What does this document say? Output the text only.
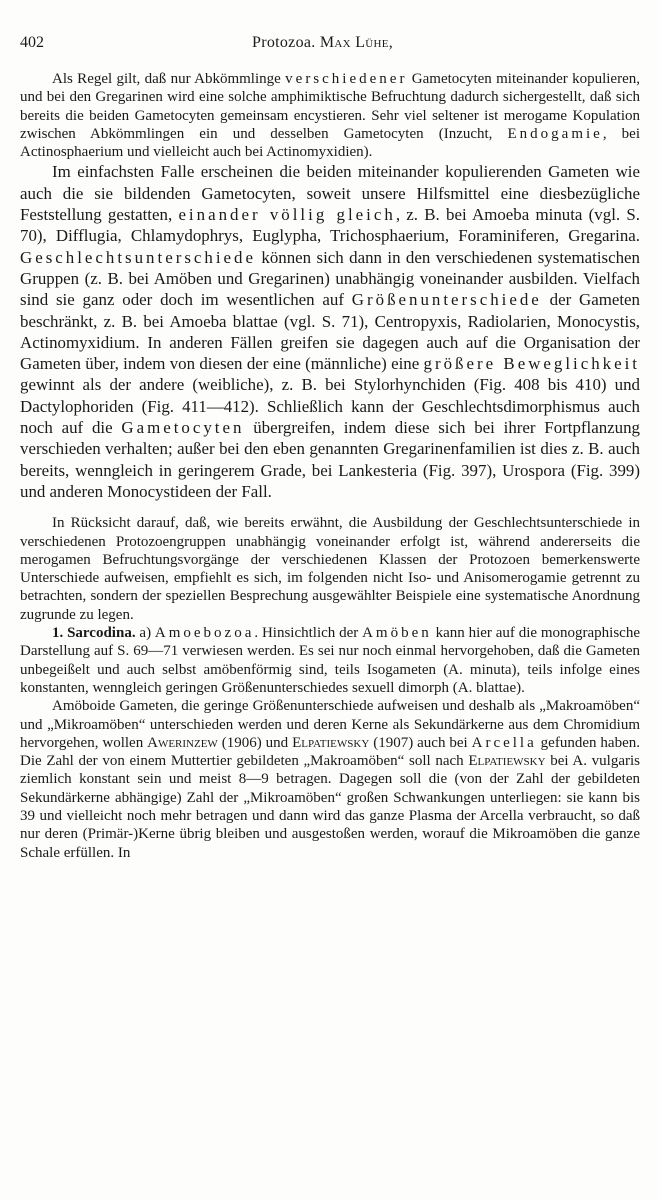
402	Protozoa. Max Lühe,

Als Regel gilt, daß nur Abkömmlinge verschiedener Gametocyten miteinander kopulieren, und bei den Gregarinen wird eine solche amphimiktische Befruchtung dadurch sichergestellt, daß sich bereits die beiden Gametocyten gemeinsam encystieren. Sehr viel seltener ist merogame Kopulation zwischen Abkömmlingen ein und desselben Gametocyten (Inzucht, Endogamie, bei Actinosphaerium und vielleicht auch bei Actinomyxidien).

Im einfachsten Falle erscheinen die beiden miteinander kopulierenden Gameten wie auch die sie bildenden Gametocyten, soweit unsere Hilfsmittel eine diesbezügliche Feststellung gestatten, einander völlig gleich, z. B. bei Amoeba minuta (vgl. S. 70), Difflugia, Chlamydophrys, Euglypha, Trichosphaerium, Foraminiferen, Gregarina. Geschlechtsunterschiede können sich dann in den verschiedenen systematischen Gruppen (z. B. bei Amöben und Gregarinen) unabhängig voneinander ausbilden. Vielfach sind sie ganz oder doch im wesentlichen auf Größenunterschiede der Gameten beschränkt, z. B. bei Amoeba blattae (vgl. S. 71), Centropyxis, Radiolarien, Monocystis, Actinomyxidium. In anderen Fällen greifen sie dagegen auch auf die Organisation der Gameten über, indem von diesen der eine (männliche) eine größere Beweglichkeit gewinnt als der andere (weibliche), z. B. bei Stylorhynchiden (Fig. 408 bis 410) und Dactylophoriden (Fig. 411—412). Schließlich kann der Geschlechtsdimorphismus auch noch auf die Gametocyten übergreifen, indem diese sich bei ihrer Fortpflanzung verschieden verhalten; außer bei den eben genannten Gregarinenfamilien ist dies z. B. auch bereits, wenngleich in geringerem Grade, bei Lankesteria (Fig. 397), Urospora (Fig. 399) und anderen Monocystideen der Fall.

In Rücksicht darauf, daß, wie bereits erwähnt, die Ausbildung der Geschlechtsunterschiede in verschiedenen Protozoengruppen unabhängig voneinander erfolgt ist, während andererseits die merogamen Befruchtungsvorgänge der verschiedenen Klassen der Protozoen bemerkenswerte Unterschiede aufweisen, empfiehlt es sich, im folgenden nicht Iso- und Anisomerogamie getrennt zu betrachten, sondern der speziellen Besprechung ausgewählter Beispiele eine systematische Anordnung zugrunde zu legen.

1. Sarcodina. a) Amoebozoa. Hinsichtlich der Amöben kann hier auf die monographische Darstellung auf S. 69—71 verwiesen werden. Es sei nur noch einmal hervorgehoben, daß die Gameten unbegeißelt und auch selbst amöbenförmig sind, teils Isogameten (A. minuta), teils infolge eines konstanten, wenngleich geringen Größenunterschiedes sexuell dimorph (A. blattae).

Amöboide Gameten, die geringe Größenunterschiede aufweisen und deshalb als „Makroamöben“ und „Mikroamöben“ unterschieden werden und deren Kerne als Sekundärkerne aus dem Chromidium hervorgehen, wollen Awerinzew (1906) und Elpatiewsky (1907) auch bei Arcella gefunden haben. Die Zahl der von einem Muttertier gebildeten „Makroamöben“ soll nach Elpatiewsky bei A. vulgaris ziemlich konstant sein und meist 8—9 betragen. Dagegen soll die (von der Zahl der gebildeten Sekundärkerne abhängige) Zahl der „Mikroamöben“ großen Schwankungen unterliegen: sie kann bis 39 und vielleicht noch mehr betragen und dann wird das ganze Plasma der Arcella verbraucht, so daß nur deren (Primär-)Kerne übrig bleiben und ausgestoßen werden, worauf die Mikroamöben die ganze Schale erfüllen. In
